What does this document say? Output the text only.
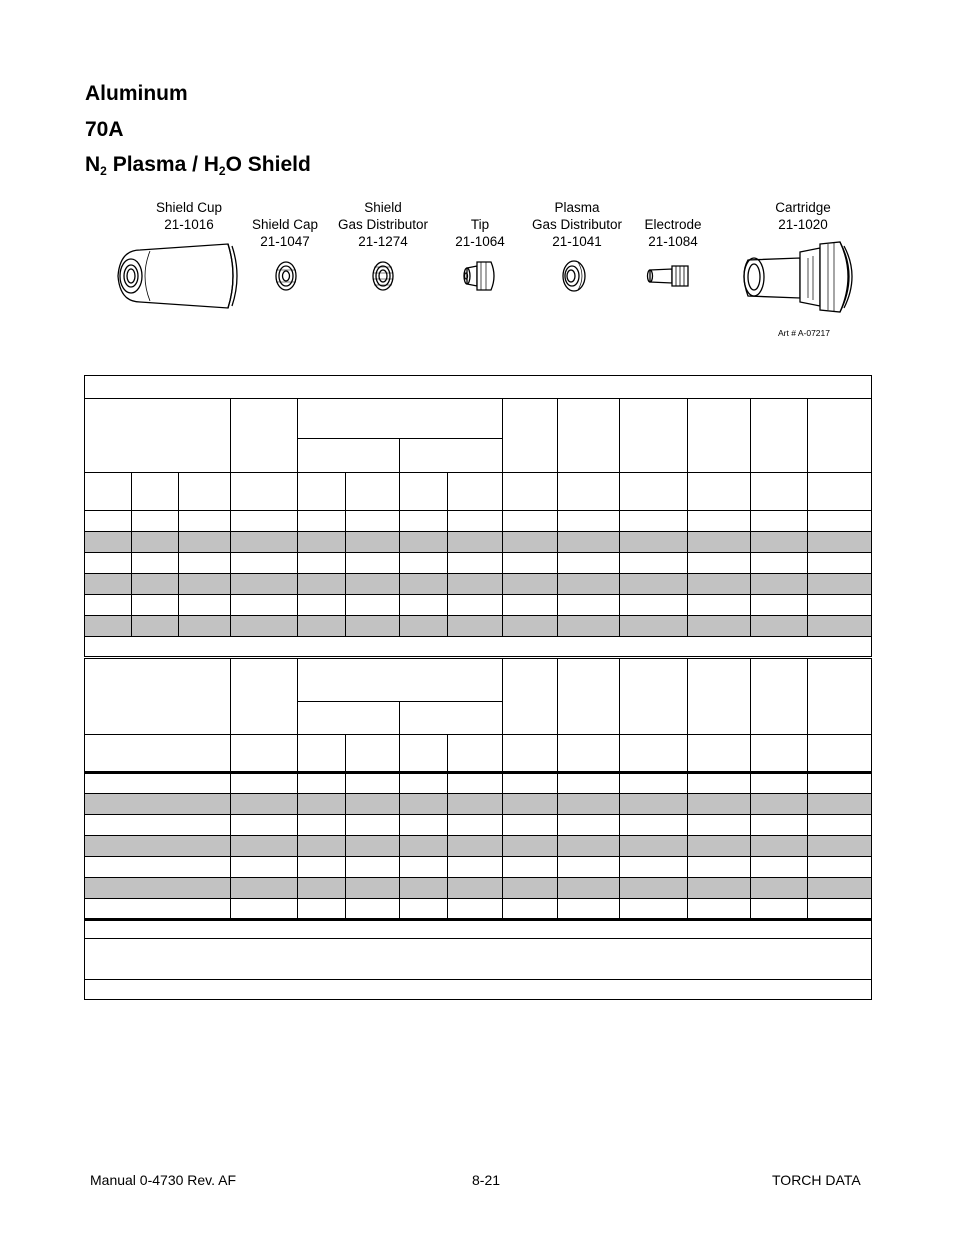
Aluminum
70A
$N_2$ Plasma / $H_2O$ Shield
Shield Cup
21-1016	Shield Cap
21-1047
Shield
Gas Distributor
21-1274
Tip
21-1064
Plasma
Gas Distributor
21-1041
Electrode
21-1084
Cartridge
21-1020
Art # A-07217

Manual 0-4730 Rev. AF	8-21	TORCH DATA
